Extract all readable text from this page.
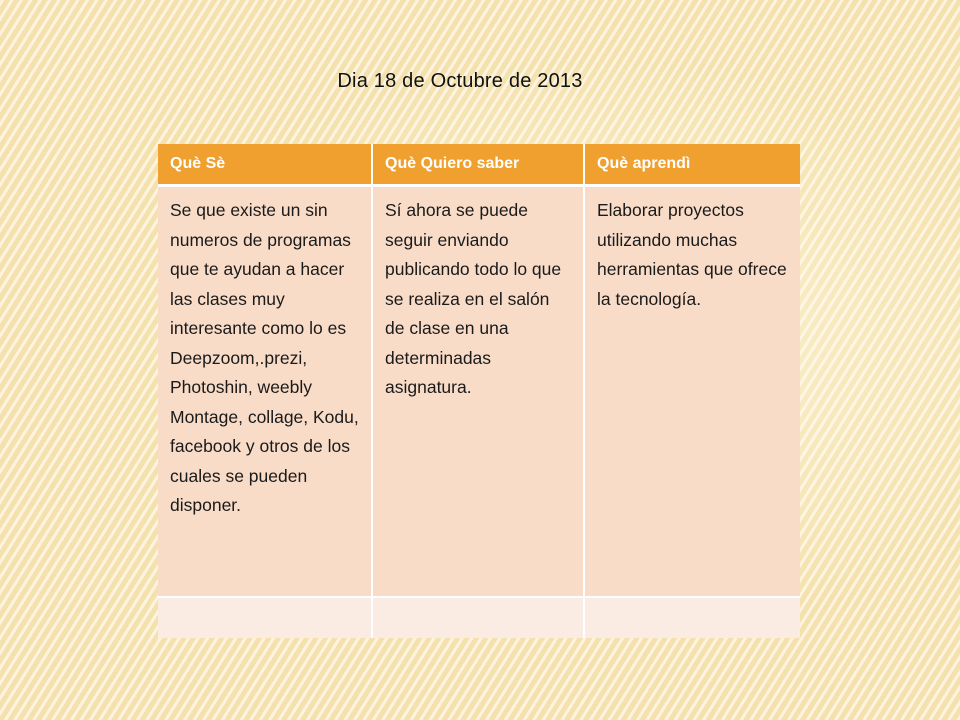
Dia 18 de Octubre de 2013
Què Sè	Què Quiero saber	Què aprendì
Se que existe un sin numeros de programas que te ayudan a hacer las clases muy interesante como lo es Deepzoom,.prezi, Photoshin, weebly Montage, collage, Kodu, facebook y otros de los cuales se pueden disponer.	Sí ahora se puede seguir enviando publicando todo lo que se realiza en el salón de clase en una determinadas asignatura.	Elaborar proyectos utilizando muchas herramientas que ofrece la tecnología.
